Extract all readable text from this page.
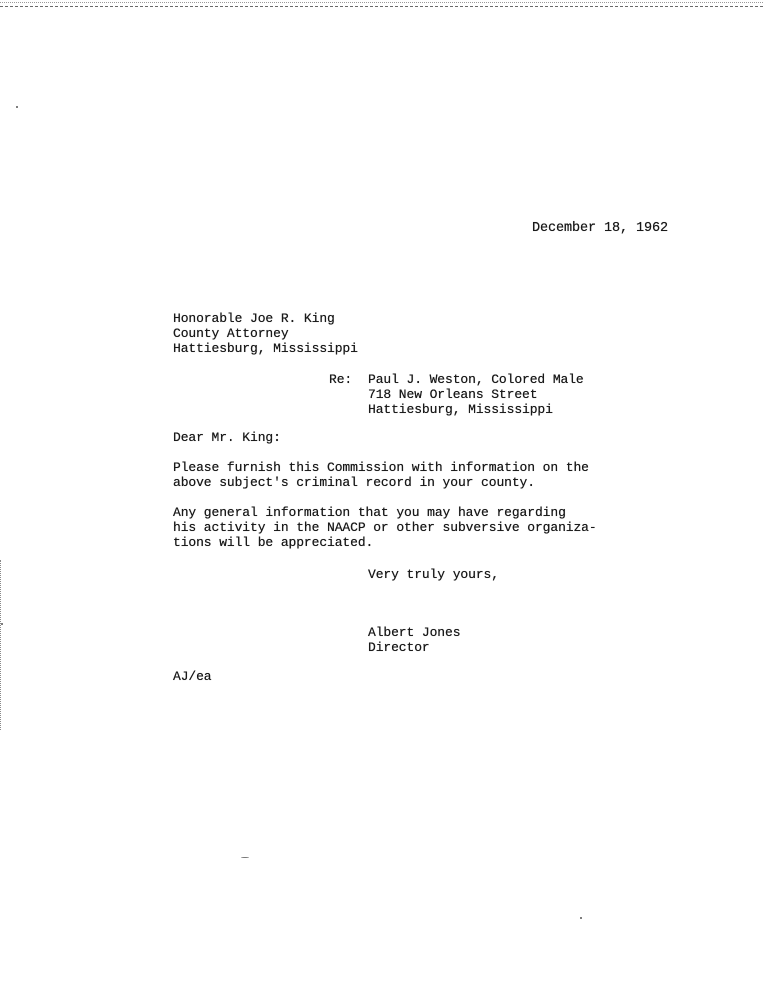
December 18, 1962
Honorable Joe R. King
County Attorney
Hattiesburg, Mississippi
Re: Paul J. Weston, Colored Male
718 New Orleans Street
Hattiesburg, Mississippi
Dear Mr. King:
Please furnish this Commission with information on the
above subject's criminal record in your county.
Any general information that you may have regarding
his activity in the NAACP or other subversive organiza-
tions will be appreciated.
Very truly yours,
Albert Jones
Director
AJ/ea
